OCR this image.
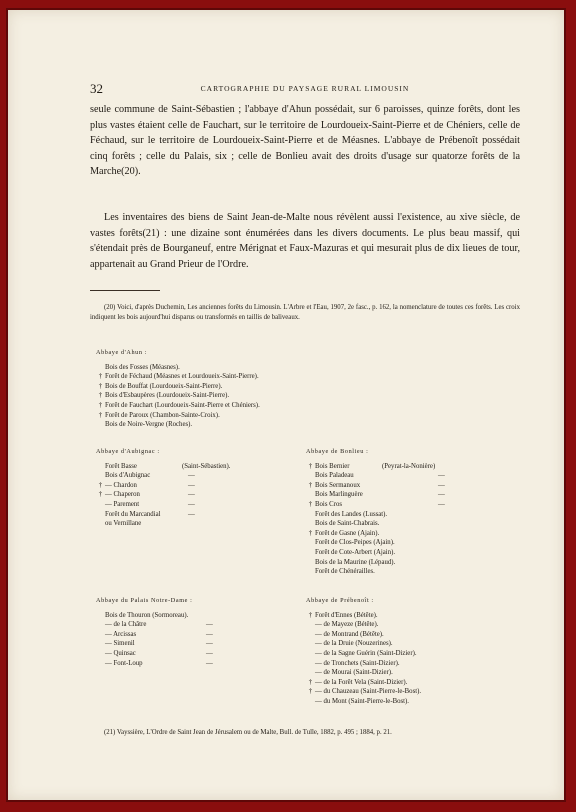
32	CARTOGRAPHIE DU PAYSAGE RURAL LIMOUSIN

seule commune de Saint-Sébastien ; l'abbaye d'Ahun possédait, sur 6 paroisses, quinze forêts, dont les plus vastes étaient celle de Fauchart, sur le territoire de Lourdoueix-Saint-Pierre et de Chéniers, celle de Féchaud, sur le territoire de Lourdoueix-Saint-Pierre et de Méasnes. L'abbaye de Prébenoît possédait cinq forêts ; celle du Palais, six ; celle de Bonlieu avait des droits d'usage sur quatorze forêts de la Marche(20).

Les inventaires des biens de Saint Jean-de-Malte nous révèlent aussi l'existence, au xive siècle, de vastes forêts(21) : une dizaine sont énumérées dans les divers documents. Le plus beau massif, qui s'étendait près de Bourganeuf, entre Mérignat et Faux-Mazuras et qui mesurait plus de dix lieues de tour, appartenait au Grand Prieur de l'Ordre.

(20) Voici, d'après Duchemin, Les anciennes forêts du Limousin. L'Arbre et l'Eau, 1907, 2e fasc., p. 162, la nomenclature de toutes ces forêts. Les croix indiquent les bois aujourd'hui disparus ou transformés en taillis de baliveaux.

Abbaye d'Ahun :
Bois des Fosses (Méasnes).
† Forêt de Féchaud (Méasnes et Lourdoueix-Saint-Pierre).
† Bois de Bouffat (Lourdoueix-Saint-Pierre).
† Bois d'Esbaupères (Lourdoueix-Saint-Pierre).
† Forêt de Fauchart (Lourdoueix-Saint-Pierre et Chéniers).
† Forêt de Paroux (Chambon-Sainte-Croix).
Bois de Noire-Vergne (Roches).
Abbaye d'Aubignac :
Forêt Basse	(Saint-Sébastien).
Bois d'Aubignac	—
† — Chardon	—
† — Chaperon	—
— Parement	—
Forêt du Marcandial	—
ou Vernillane
Abbaye de Bonlieu :
† Bois Bernier	(Peyrat-la-Nonière)
Bois Paladeau	—
† Bois Sermanoux	—
Bois Marlinguère	—
† Bois Cros	—
Forêt des Landes (Lussat).
Bois de Saint-Chabrais.
† Forêt de Gasne (Ajain).
Forêt de Clos-Peipes (Ajain).
Forêt de Cote-Arbert (Ajain).
Bois de la Maurine (Lépaud).
Forêt de Chénérailles.
Abbaye du Palais Notre-Dame :
Bois de Thouron (Sormoreau).
— de la Châtre	—
— Arcissas	—
— Simenil	—
— Quinsac	—
— Font-Loup	—
Abbaye de Prébenoît :
† Forêt d'Ennes (Bétête).
— de Mayeze (Bétête).
— de Montrand (Bétête).
— de la Druie (Nouzerines).
— de la Sagne Guérin (Saint-Dizier).
— de Tronchets (Saint-Dizier).
— de Mourai (Saint-Dizier).
† — de la Forêt Vela (Saint-Dizier).
† — du Chauzeau (Saint-Pierre-le-Bost).
— du Mont (Saint-Pierre-le-Bost).

(21) Vayssière, L'Ordre de Saint Jean de Jérusalem ou de Malte, Bull. de Tulle, 1882, p. 495 ; 1884, p. 21.
